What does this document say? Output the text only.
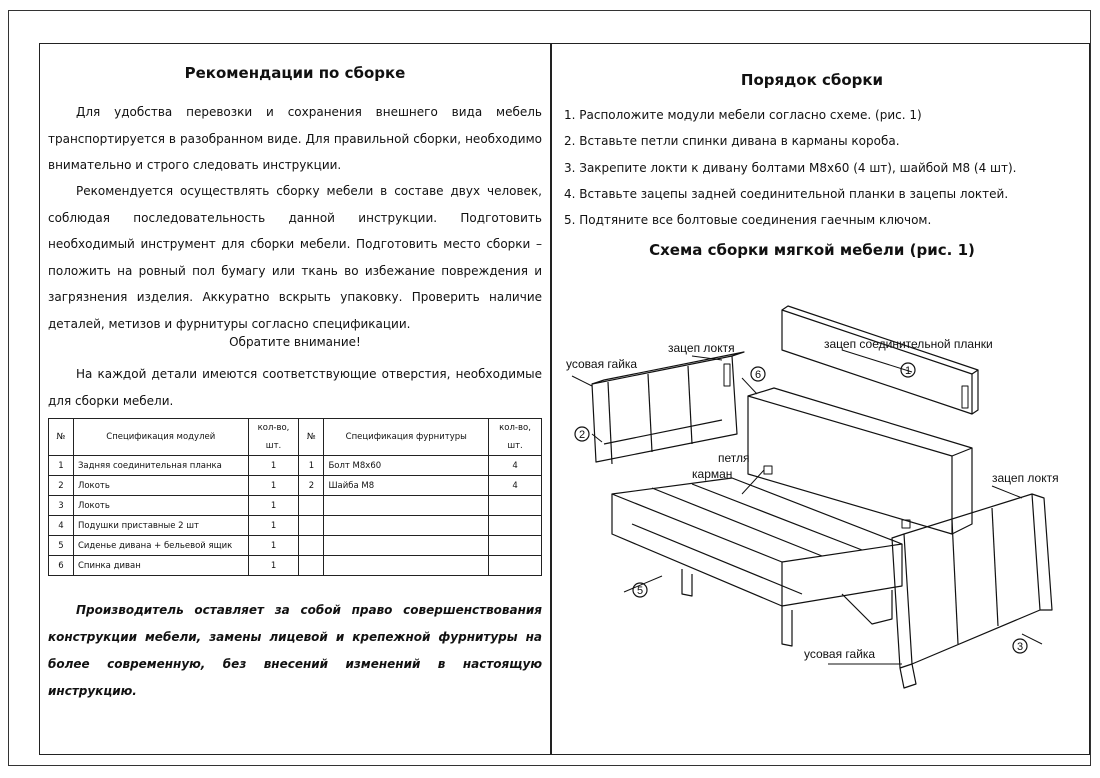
Рекомендации по сборке

Для удобства перевозки и сохранения внешнего вида мебель транспортируется в разобранном виде. Для правильной сборки, необходимо внимательно и строго следовать инструкции.

Рекомендуется осуществлять сборку мебели в составе двух человек, соблюдая последовательность данной инструкции. Подготовить необходимый инструмент для сборки мебели. Подготовить место сборки – положить на ровный пол бумагу или ткань во избежание повреждения и загрязнения изделия. Аккуратно вскрыть упаковку. Проверить наличие деталей, метизов и фурнитуры согласно спецификации.

Обратите внимание!

На каждой детали имеются соответствующие отверстия, необходимые для сборки мебели.

№	Спецификация модулей	кол-во, шт.	№	Спецификация фурнитуры	кол-во, шт.
1	Задняя соединительная планка	1	1	Болт М8х60	4
2	Локоть	1	2	Шайба М8	4
3	Локоть	1			
4	Подушки приставные 2 шт	1			
5	Сиденье дивана + бельевой ящик	1			
6	Спинка диван	1			

Производитель оставляет за собой право совершенствования конструкции мебели, замены лицевой и крепежной фурнитуры на более современную, без внесений изменений в настоящую инструкцию.

Порядок сборки
1. Расположите модули мебели согласно схеме. (рис. 1)
2. Вставьте петли спинки дивана в карманы короба.
3. Закрепите локти к дивану болтами М8х60 (4 шт), шайбой М8 (4 шт).
4. Вставьте зацепы задней соединительной планки в зацепы локтей.
5. Подтяните все болтовые соединения гаечным ключом.
Схема сборки мягкой мебели (рис. 1)
усовая гайка
зацеп локтя	зацеп соединительной планки
петля
карман	зацеп локтя
усовая гайка
1
2
3
5
6
